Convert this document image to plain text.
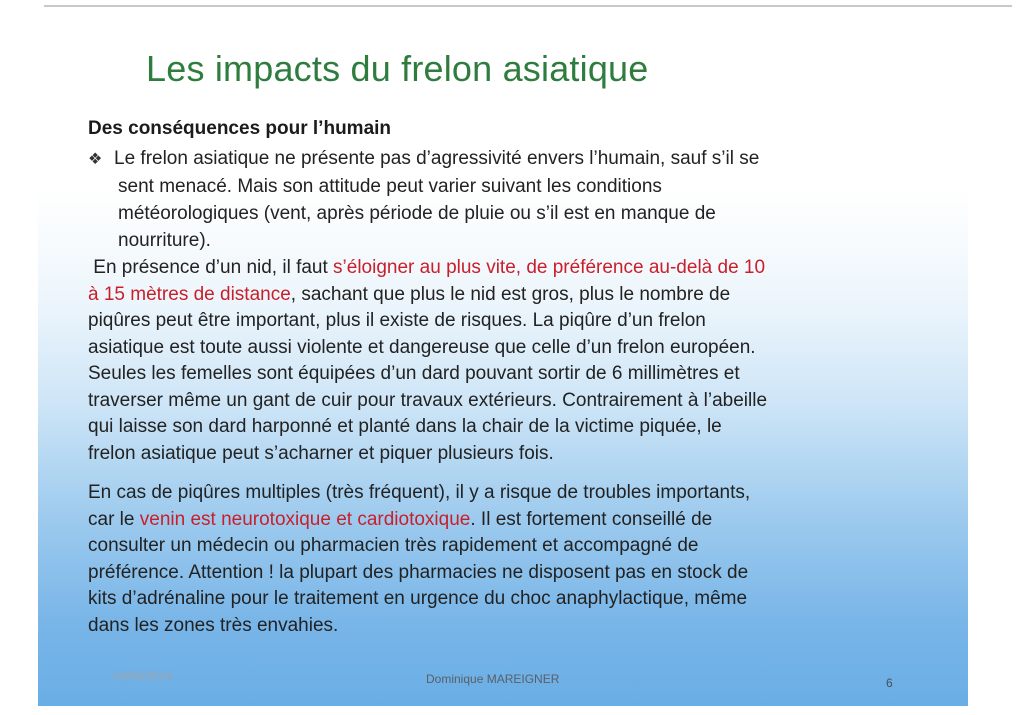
Les impacts du frelon asiatique
Des conséquences pour l’humain
❖ Le frelon asiatique ne présente pas d’agressivité envers l’humain, sauf s’il se
sent menacé. Mais son attitude peut varier suivant les conditions
météorologiques (vent, après période de pluie ou s’il est en manque de
nourriture).
En présence d’un nid, il faut s’éloigner au plus vite, de préférence au-delà de 10
à 15 mètres de distance, sachant que plus le nid est gros, plus le nombre de
piqûres peut être important, plus il existe de risques. La piqûre d’un frelon
asiatique est toute aussi violente et dangereuse que celle d’un frelon européen.
Seules les femelles sont équipées d’un dard pouvant sortir de 6 millimètres et
traverser même un gant de cuir pour travaux extérieurs. Contrairement à l’abeille
qui laisse son dard harponné et planté dans la chair de la victime piquée, le
frelon asiatique peut s’acharner et piquer plusieurs fois.
En cas de piqûres multiples (très fréquent), il y a risque de troubles importants,
car le venin est neurotoxique et cardiotoxique. Il est fortement conseillé de
consulter un médecin ou pharmacien très rapidement et accompagné de
préférence. Attention ! la plupart des pharmacies ne disposent pas en stock de
kits d’adrénaline pour le traitement en urgence du choc anaphylactique, même
dans les zones très envahies.
19/06/2024	Dominique MAREIGNER	6
